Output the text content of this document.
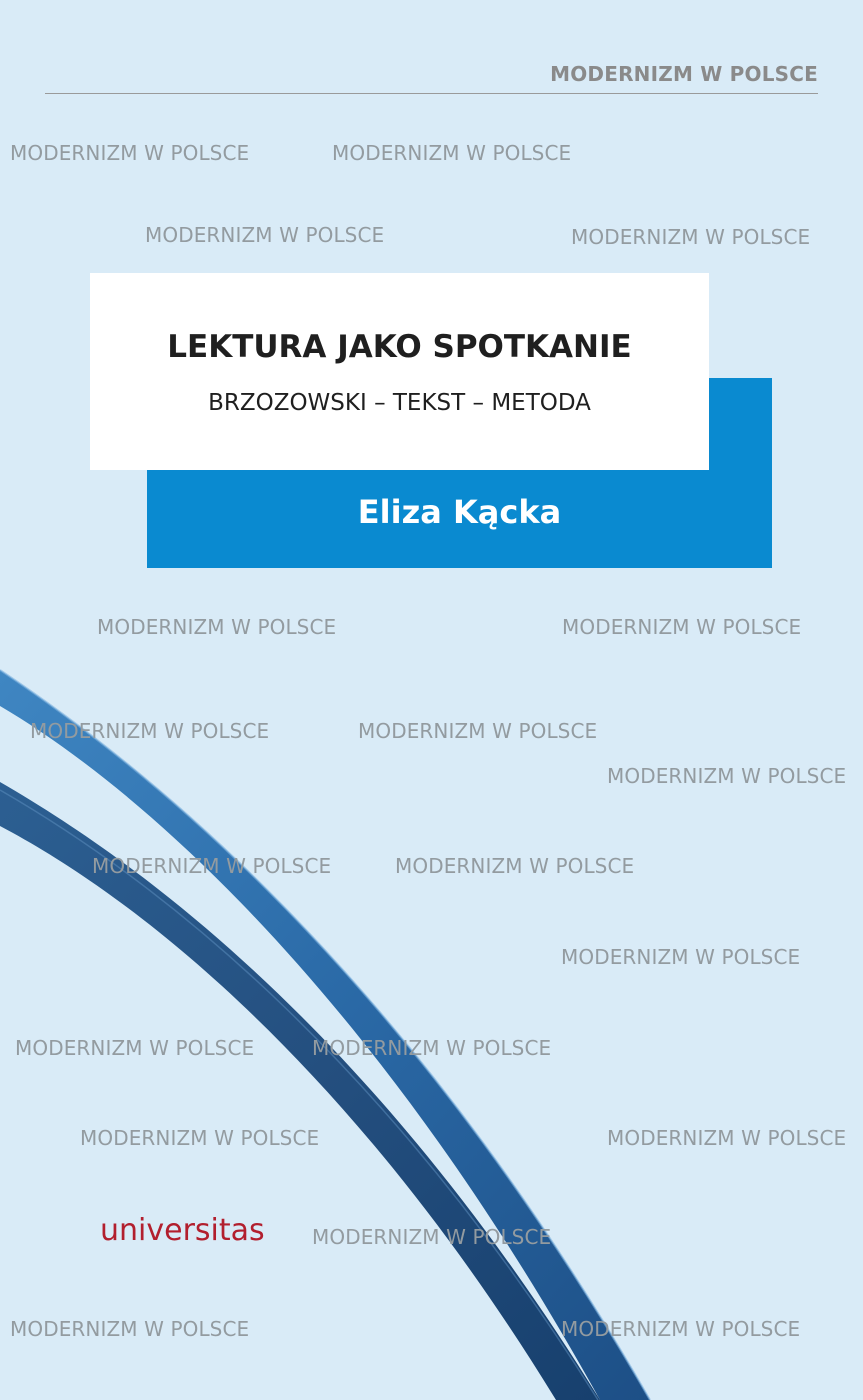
MODERNIZM W POLSCE
MODERNIZM W POLSCE	MODERNIZM W POLSCE
MODERNIZM W POLSCE	MODERNIZM W POLSCE
MODERNIZM W POLSCE	MODERNIZM W POLSCE
MODERNIZM W POLSCE	MODERNIZM W POLSCE
MODERNIZM W POLSCE
MODERNIZM W POLSCE	MODERNIZM W POLSCE
MODERNIZM W POLSCE
MODERNIZM W POLSCE	MODERNIZM W POLSCE
MODERNIZM W POLSCE	MODERNIZM W POLSCE
MODERNIZM W POLSCE
MODERNIZM W POLSCE	MODERNIZM W POLSCE
Eliza Kącka
LEKTURA JAKO SPOTKANIE
BRZOZOWSKI – TEKST – METODA
universitas
